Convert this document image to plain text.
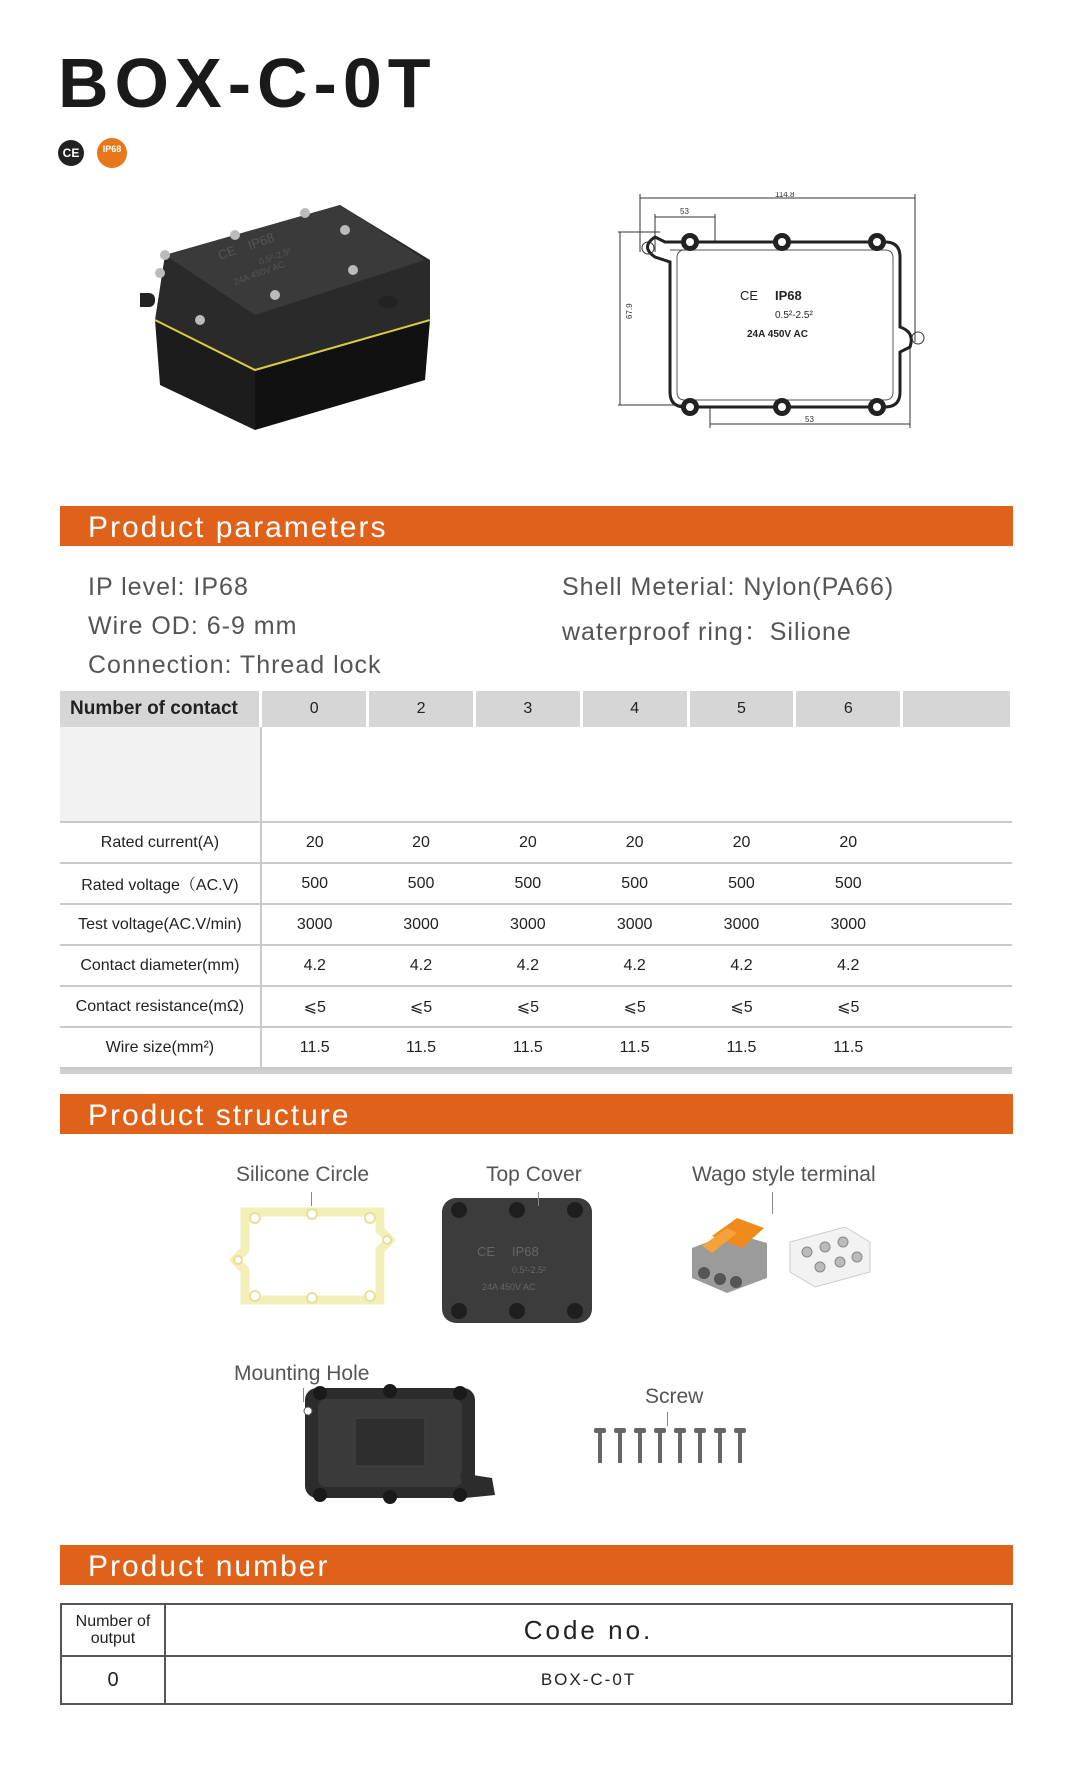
BOX-C-0T
CE	IP68
CE IP68
0.5²-2.5²
24A 450V AC
114.8
53
53
67.9
CE IP68
0.5²-2.5²
24A 450V AC
Product parameters
IP level: IP68
Wire OD: 6-9 mm
Connection: Thread lock
Shell Meterial: Nylon(PA66)
waterproof ring：Silione
Number of contact	0	2	3	4	5	6	

Rated current(A)	20	20	20	20	20	20	
Rated voltage（AC.V)	500	500	500	500	500	500	
Test voltage(AC.V/min)	3000	3000	3000	3000	3000	3000	
Contact diameter(mm)	4.2	4.2	4.2	4.2	4.2	4.2	
Contact resistance(mΩ)	⩽5	⩽5	⩽5	⩽5	⩽5	⩽5	
Wire size(mm²)	11.5	11.5	11.5	11.5	11.5	11.5	

Product structure
Silicone Circle	Top Cover	Wago style terminal
Mounting Hole
Screw
CE IP68
0.5²-2.5²
24A 450V AC
Product number
Number of output	Code no.
0	BOX-C-0T
